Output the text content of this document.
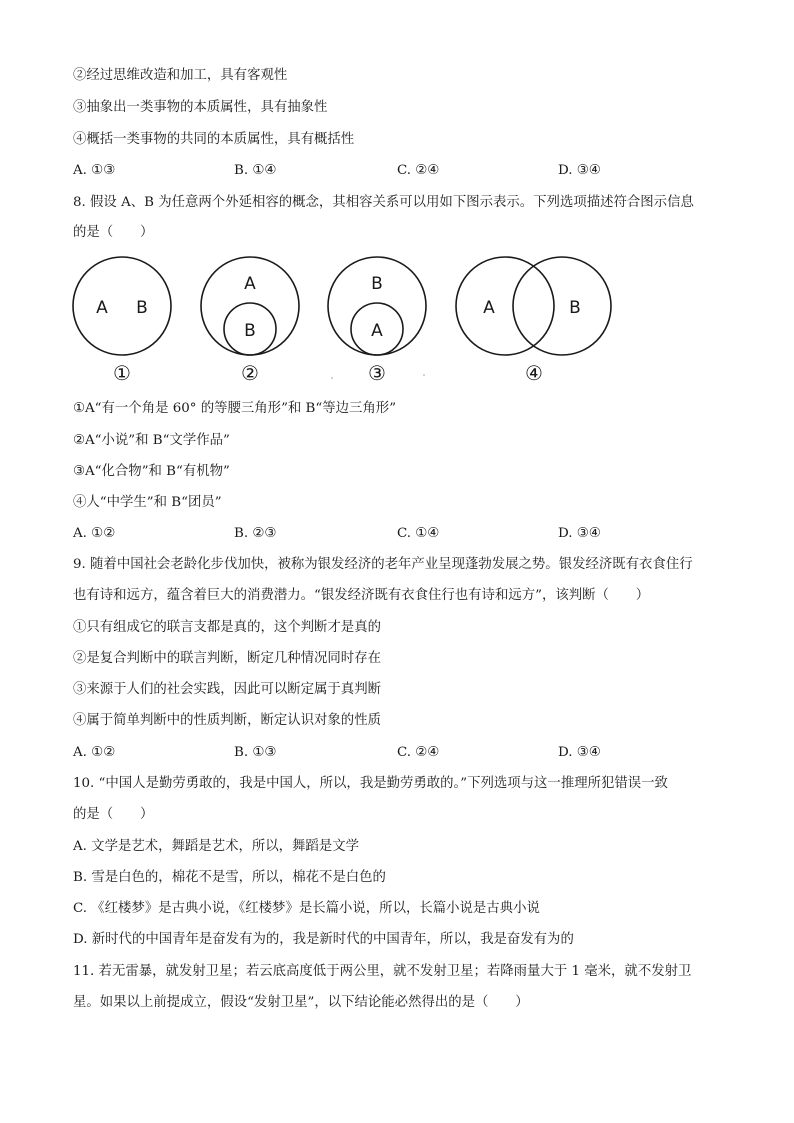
②经过思维改造和加工，具有客观性
③抽象出一类事物的本质属性，具有抽象性
④概括一类事物的共同的本质属性，具有概括性
A. ①③	B. ①④	C. ②④	D. ③④
8. 假设 A、B 为任意两个外延相容的概念，其相容关系可以用如下图示表示。下列选项描述符合图示信息
的是（　　）
A B
①
A
B
②
B
A
③
A	B
④
①A“有一个角是 60° 的等腰三角形”和 B“等边三角形”
②A“小说”和 B“文学作品”
③A“化合物”和 B“有机物”
④人“中学生”和 B“团员”
A. ①②	B. ②③	C. ①④	D. ③④
9. 随着中国社会老龄化步伐加快，被称为银发经济的老年产业呈现蓬勃发展之势。银发经济既有衣食住行
也有诗和远方，蕴含着巨大的消费潜力。“银发经济既有衣食住行也有诗和远方”，该判断（　　）
①只有组成它的联言支都是真的，这个判断才是真的
②是复合判断中的联言判断，断定几种情况同时存在
③来源于人们的社会实践，因此可以断定属于真判断
④属于简单判断中的性质判断，断定认识对象的性质
A. ①②	B. ①③	C. ②④	D. ③④
10. “中国人是勤劳勇敢的，我是中国人，所以，我是勤劳勇敢的。”下列选项与这一推理所犯错误一致
的是（　　）
A. 文学是艺术，舞蹈是艺术，所以，舞蹈是文学
B. 雪是白色的，棉花不是雪，所以，棉花不是白色的
C. 《红楼梦》是古典小说，《红楼梦》是长篇小说，所以，长篇小说是古典小说
D. 新时代的中国青年是奋发有为的，我是新时代的中国青年，所以，我是奋发有为的
11. 若无雷暴，就发射卫星；若云底高度低于两公里，就不发射卫星；若降雨量大于 1 毫米，就不发射卫
星。如果以上前提成立，假设“发射卫星”，以下结论能必然得出的是（　　）
